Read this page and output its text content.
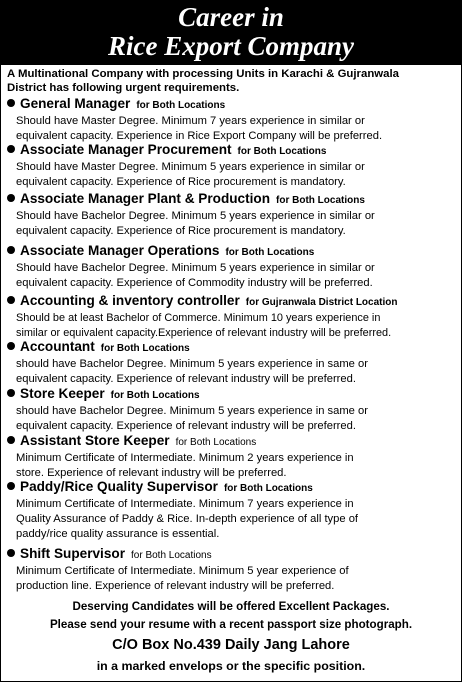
Career in
Rice Export Company
A Multinational Company with processing Units in Karachi & Gujranwala
District has following urgent requirements.
General Manager for Both Locations
Should have Master Degree. Minimum 7 years experience in similar or
equivalent capacity. Experience in Rice Export Company will be preferred.
Associate Manager Procurement for Both Locations
Should have Master Degree. Minimum 5 years experience in similar or
equivalent capacity. Experience of Rice procurement is mandatory.
Associate Manager Plant & Production for Both Locations
Should have Bachelor Degree. Minimum 5 years experience in similar or
equivalent capacity. Experience of Rice procurement is mandatory.
Associate Manager Operations for Both Locations
Should have Bachelor Degree. Minimum 5 years experience in similar or
equivalent capacity. Experience of Commodity industry will be preferred.
Accounting & inventory controller for Gujranwala District Location
Should be at least Bachelor of Commerce. Minimum 10 years experience in
similar or equivalent capacity.Experience of relevant industry will be preferred.
Accountant for Both Locations
should have Bachelor Degree. Minimum 5 years experience in same or
equivalent capacity. Experience of relevant industry will be preferred.
Store Keeper for Both Locations
should have Bachelor Degree. Minimum 5 years experience in same or
equivalent capacity. Experience of relevant industry will be preferred.
Assistant Store Keeper for Both Locations
Minimum Certificate of Intermediate. Minimum 2 years experience in
store. Experience of relevant industry will be preferred.
Paddy/Rice Quality Supervisor for Both Locations
Minimum Certificate of Intermediate. Minimum 7 years experience in
Quality Assurance of Paddy & Rice. In-depth experience of all type of
paddy/rice quality assurance is essential.
Shift Supervisor for Both Locations
Minimum Certificate of Intermediate. Minimum 5 year experience of
production line. Experience of relevant industry will be preferred.
Deserving Candidates will be offered Excellent Packages.
Please send your resume with a recent passport size photograph.
C/O Box No.439 Daily Jang Lahore
in a marked envelops or the specific position.
